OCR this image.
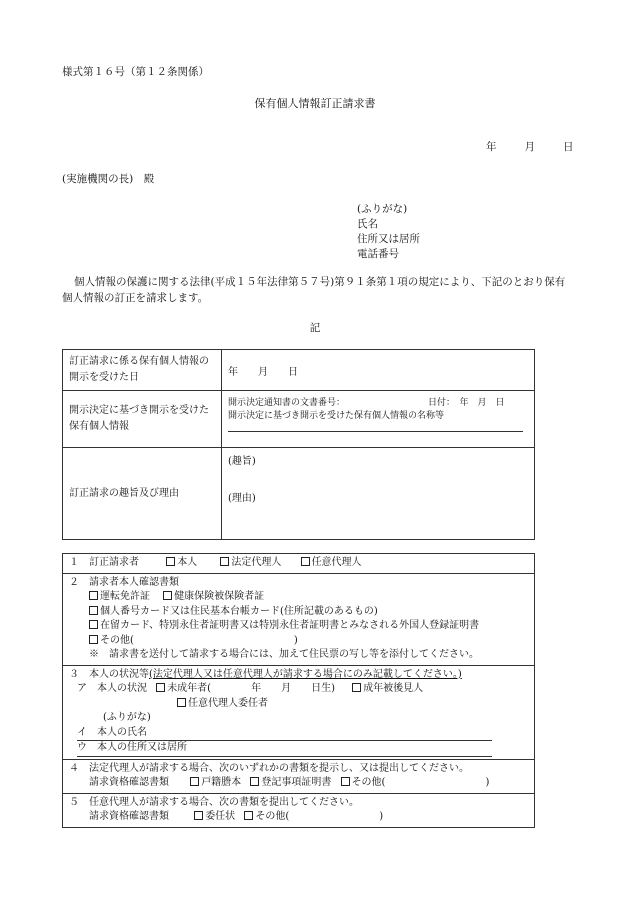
様式第１６号（第１２条関係）
保有個人情報訂正請求書
年	月	日
(実施機関の長)　殿
(ふりがな)
氏名
住所又は居所
電話番号
個人情報の保護に関する法律(平成１５年法律第５７号)第９１条第１項の規定により、下記のとおり保有個人情報の訂正を請求します。
記
訂正請求に係る保有個人情報の開示を受けた日	年　　月　　日
開示決定に基づき開示を受けた保有個人情報	開示決定通知書の文書番号： 日付：　年　月　日
開示決定に基づき開示を受けた保有個人情報の名称等

訂正請求の趣旨及び理由	(趣旨)
(理由)
１　訂正請求者	本人	法定代理人	任意代理人

２　請求者本人確認書類
運転免許証 健康保険被保険者証
個人番号カード又は住民基本台帳カード(住所記載のあるもの)
在留カード、特別永住者証明書又は特別永住者証明書とみなされる外国人登録証明書
その他(　　　　　　　　　　　　　　　　)
※　請求書を送付して請求する場合には、加えて住民票の写し等を添付してください。

３　本人の状況等(法定代理人又は任意代理人が請求する場合にのみ記載してください。)
ア　本人の状況 未成年者(　　　　年　　月　　日生)	成年被後見人
任意代理人委任者
(ふりがな)
イ　本人の氏名
ウ　本人の住所又は居所

４　法定代理人が請求する場合、次のいずれかの書類を提示し、又は提出してください。
請求資格確認書類	戸籍謄本 登記事項証明書 その他(　　　　　　　　　　)

５　任意代理人が請求する場合、次の書類を提出してください。
請求資格確認書類	委任状 その他(　　　　　　　　　)
